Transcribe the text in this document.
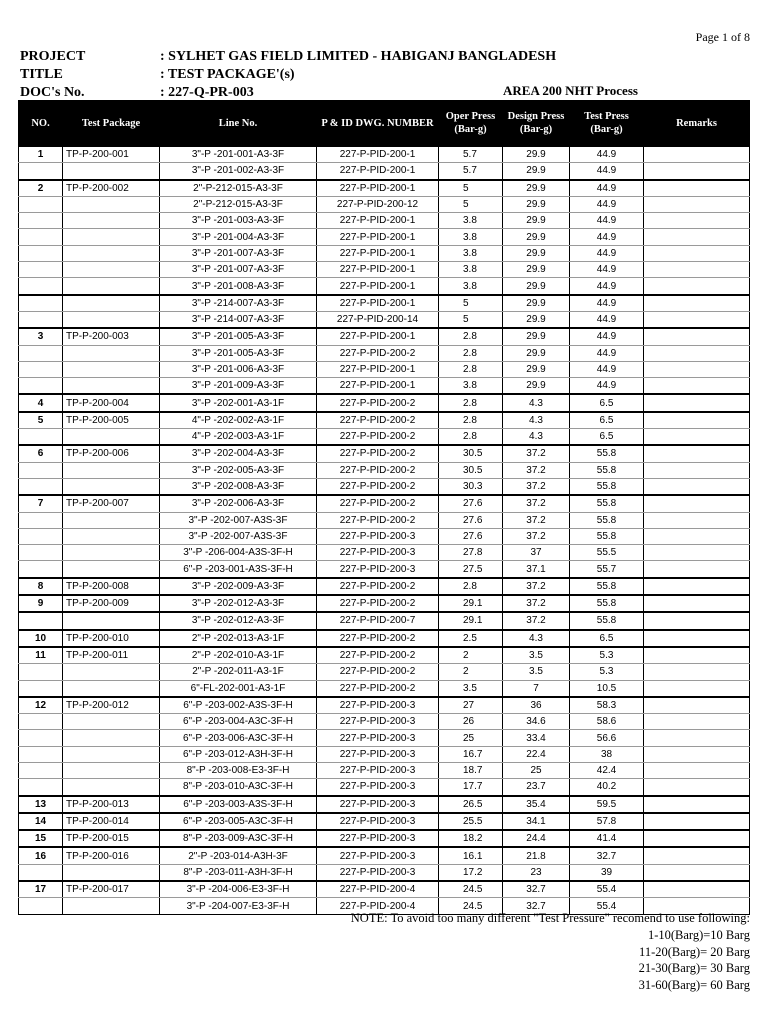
Page 1 of 8
PROJECT	: SYLHET GAS FIELD LIMITED - HABIGANJ BANGLADESH
TITLE	: TEST PACKAGE'(s)
DOC's No.	: 227-Q-PR-003	AREA 200 NHT Process
NO.	Test Package	Line No.	P & ID DWG. NUMBER	Oper Press (Bar-g)	Design Press (Bar-g)	Test Press (Bar-g)	Remarks
1	TP-P-200-001	3"-P -201-001-A3-3F	227-P-PID-200-1	5.7	29.9	44.9	
		3"-P -201-002-A3-3F	227-P-PID-200-1	5.7	29.9	44.9	
2	TP-P-200-002	2"-P-212-015-A3-3F	227-P-PID-200-1	5	29.9	44.9	
		2"-P-212-015-A3-3F	227-P-PID-200-12	5	29.9	44.9	
		3"-P -201-003-A3-3F	227-P-PID-200-1	3.8	29.9	44.9	
		3"-P -201-004-A3-3F	227-P-PID-200-1	3.8	29.9	44.9	
		3"-P -201-007-A3-3F	227-P-PID-200-1	3.8	29.9	44.9	
		3"-P -201-007-A3-3F	227-P-PID-200-1	3.8	29.9	44.9	
		3"-P -201-008-A3-3F	227-P-PID-200-1	3.8	29.9	44.9	
		3"-P -214-007-A3-3F	227-P-PID-200-1	5	29.9	44.9	
		3"-P -214-007-A3-3F	227-P-PID-200-14	5	29.9	44.9	
3	TP-P-200-003	3"-P -201-005-A3-3F	227-P-PID-200-1	2.8	29.9	44.9	
		3"-P -201-005-A3-3F	227-P-PID-200-2	2.8	29.9	44.9	
		3"-P -201-006-A3-3F	227-P-PID-200-1	2.8	29.9	44.9	
		3"-P -201-009-A3-3F	227-P-PID-200-1	3.8	29.9	44.9	
4	TP-P-200-004	3"-P -202-001-A3-1F	227-P-PID-200-2	2.8	4.3	6.5	
5	TP-P-200-005	4"-P -202-002-A3-1F	227-P-PID-200-2	2.8	4.3	6.5	
		4"-P -202-003-A3-1F	227-P-PID-200-2	2.8	4.3	6.5	
6	TP-P-200-006	3"-P -202-004-A3-3F	227-P-PID-200-2	30.5	37.2	55.8	
		3"-P -202-005-A3-3F	227-P-PID-200-2	30.5	37.2	55.8	
		3"-P -202-008-A3-3F	227-P-PID-200-2	30.3	37.2	55.8	
7	TP-P-200-007	3"-P -202-006-A3-3F	227-P-PID-200-2	27.6	37.2	55.8	
		3"-P -202-007-A3S-3F	227-P-PID-200-2	27.6	37.2	55.8	
		3"-P -202-007-A3S-3F	227-P-PID-200-3	27.6	37.2	55.8	
		3"-P -206-004-A3S-3F-H	227-P-PID-200-3	27.8	37	55.5	
		6"-P -203-001-A3S-3F-H	227-P-PID-200-3	27.5	37.1	55.7	
8	TP-P-200-008	3"-P -202-009-A3-3F	227-P-PID-200-2	2.8	37.2	55.8	
9	TP-P-200-009	3"-P -202-012-A3-3F	227-P-PID-200-2	29.1	37.2	55.8	
		3"-P -202-012-A3-3F	227-P-PID-200-7	29.1	37.2	55.8	
10	TP-P-200-010	2"-P -202-013-A3-1F	227-P-PID-200-2	2.5	4.3	6.5	
11	TP-P-200-011	2"-P -202-010-A3-1F	227-P-PID-200-2	2	3.5	5.3	
		2"-P -202-011-A3-1F	227-P-PID-200-2	2	3.5	5.3	
		6"-FL-202-001-A3-1F	227-P-PID-200-2	3.5	7	10.5	
12	TP-P-200-012	6"-P -203-002-A3S-3F-H	227-P-PID-200-3	27	36	58.3	
		6"-P -203-004-A3C-3F-H	227-P-PID-200-3	26	34.6	58.6	
		6"-P -203-006-A3C-3F-H	227-P-PID-200-3	25	33.4	56.6	
		6"-P -203-012-A3H-3F-H	227-P-PID-200-3	16.7	22.4	38	
		8"-P -203-008-E3-3F-H	227-P-PID-200-3	18.7	25	42.4	
		8"-P -203-010-A3C-3F-H	227-P-PID-200-3	17.7	23.7	40.2	
13	TP-P-200-013	6"-P -203-003-A3S-3F-H	227-P-PID-200-3	26.5	35.4	59.5	
14	TP-P-200-014	6"-P -203-005-A3C-3F-H	227-P-PID-200-3	25.5	34.1	57.8	
15	TP-P-200-015	8"-P -203-009-A3C-3F-H	227-P-PID-200-3	18.2	24.4	41.4	
16	TP-P-200-016	2"-P -203-014-A3H-3F	227-P-PID-200-3	16.1	21.8	32.7	
		8"-P -203-011-A3H-3F-H	227-P-PID-200-3	17.2	23	39	
17	TP-P-200-017	3"-P -204-006-E3-3F-H	227-P-PID-200-4	24.5	32.7	55.4	
		3"-P -204-007-E3-3F-H	227-P-PID-200-4	24.5	32.7	55.4	
NOTE: To avoid too many different "Test Pressure" recomend to use following:
1-10(Barg)=10 Barg
11-20(Barg)= 20 Barg
21-30(Barg)= 30 Barg
31-60(Barg)= 60 Barg
